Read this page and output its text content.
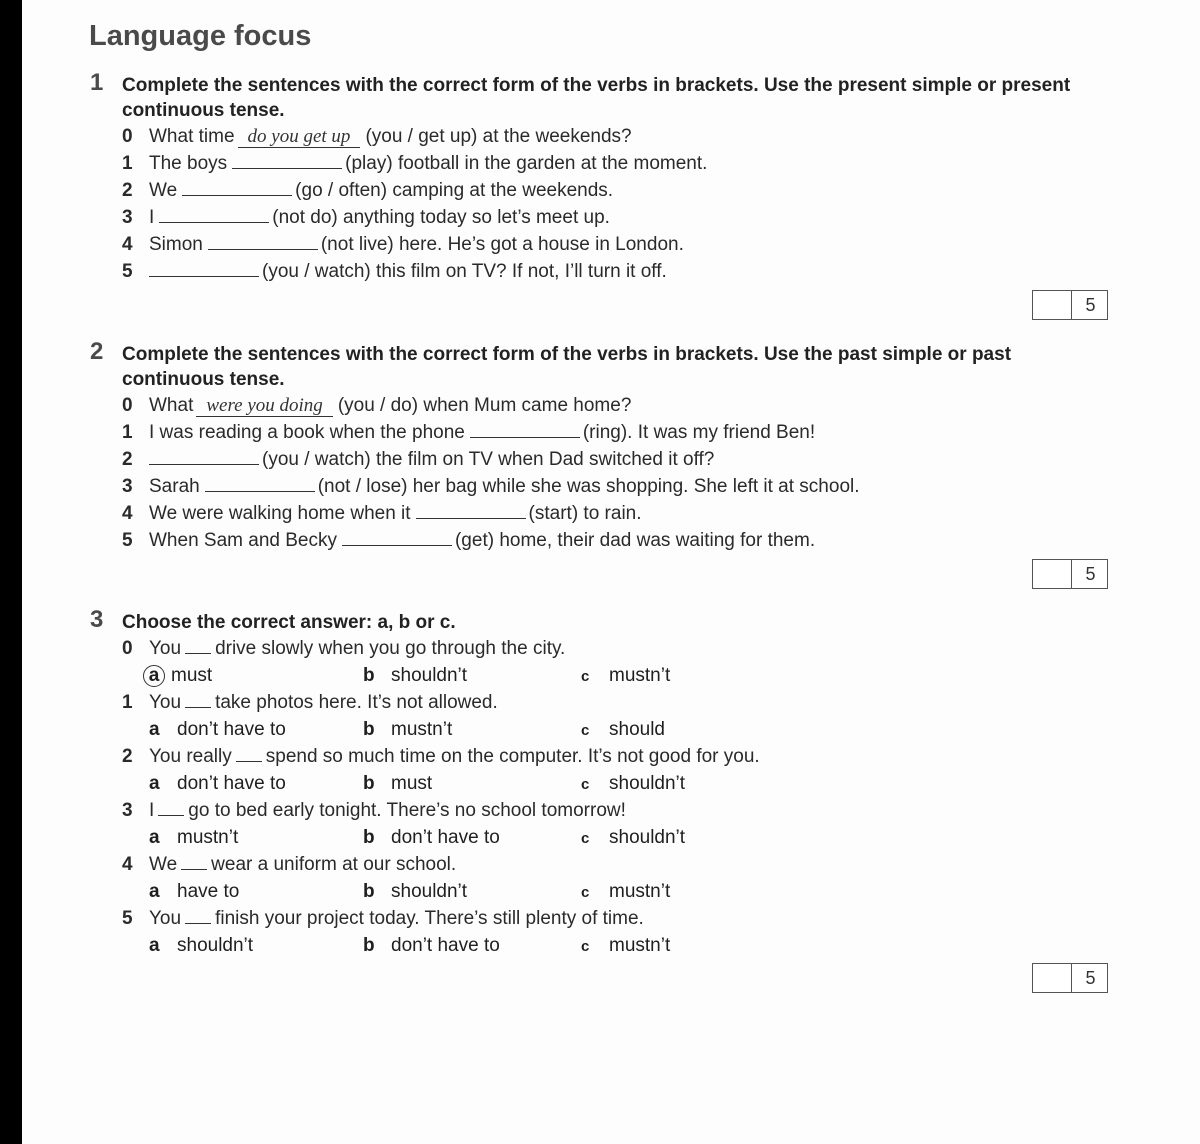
Language focus
1 Complete the sentences with the correct form of the verbs in brackets. Use the present simple or present continuous tense.
0 What time do you get up (you / get up) at the weekends?
1 The boys	(play) football in the garden at the moment.
2 We	(go / often) camping at the weekends.
3 I	(not do) anything today so let’s meet up.
4 Simon	(not live) here. He’s got a house in London.
5	(you / watch) this film on TV? If not, I’ll turn it off.
5
2 Complete the sentences with the correct form of the verbs in brackets. Use the past simple or past continuous tense.
0 What were you doing (you / do) when Mum came home?
1 I was reading a book when the phone	(ring). It was my friend Ben!
2	(you / watch) the film on TV when Dad switched it off?
3 Sarah	(not / lose) her bag while she was shopping. She left it at school.
4 We were walking home when it	(start) to rain.
5 When Sam and Becky	(get) home, their dad was waiting for them.
5
3 Choose the correct answer: a, b or c.
0 You drive slowly when you go through the city.
a must	b shouldn’t	c mustn’t
1 You take photos here. It’s not allowed.
a don’t have to	b mustn’t	c should
2 You really spend so much time on the computer. It’s not good for you.
a don’t have to	b must	c shouldn’t
3 I go to bed early tonight. There’s no school tomorrow!
a mustn’t	b don’t have to	c shouldn’t
4 We wear a uniform at our school.
a have to	b shouldn’t	c mustn’t
5 You finish your project today. There’s still plenty of time.
a shouldn’t	b don’t have to	c mustn’t
5
